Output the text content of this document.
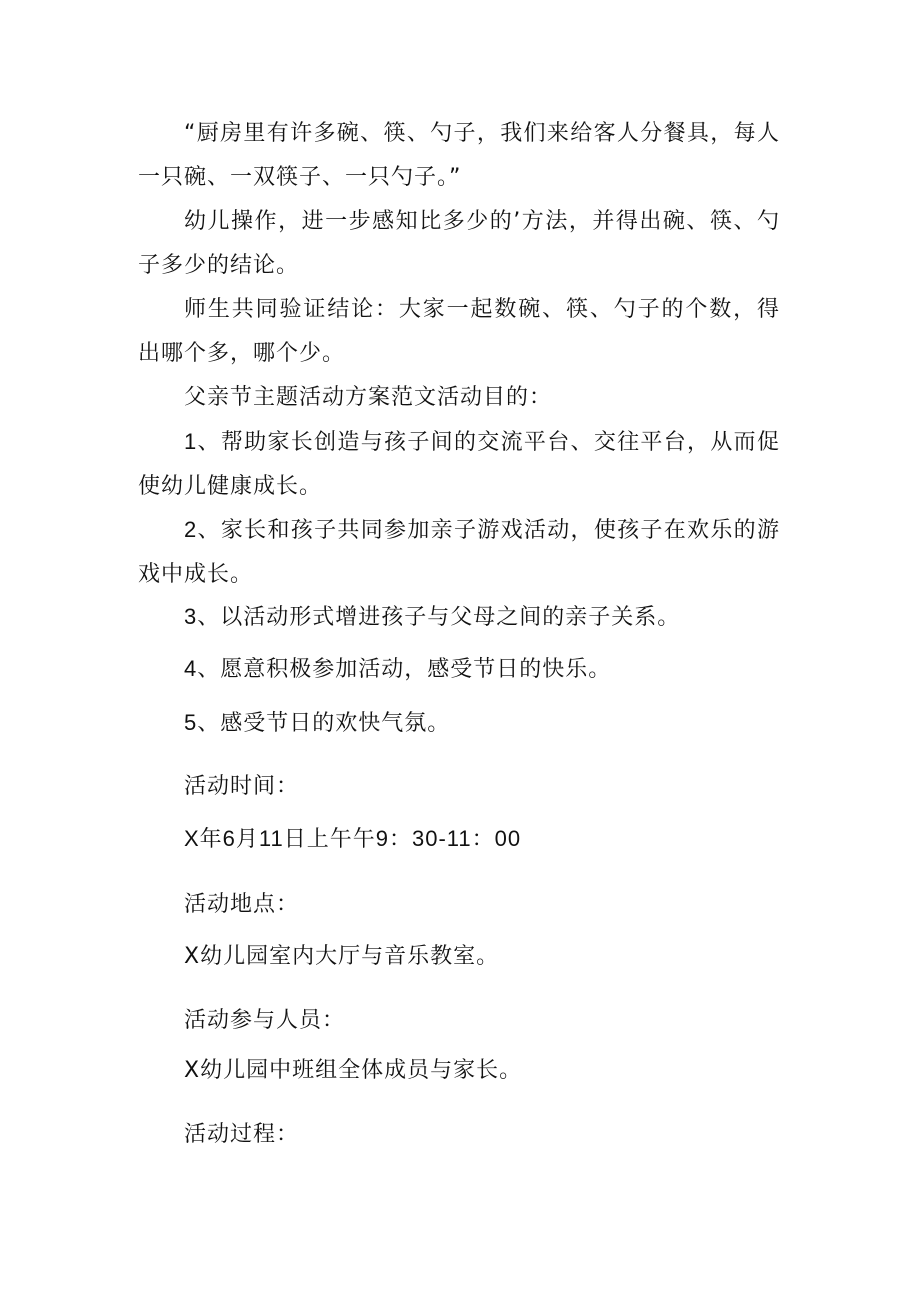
“厨房里有许多碗、筷、勺子，我们来给客人分餐具，每人一只碗、一双筷子、一只勺子。”

幼儿操作，进一步感知比多少的’方法，并得出碗、筷、勺子多少的结论。

师生共同验证结论：大家一起数碗、筷、勺子的个数，得出哪个多，哪个少。

父亲节主题活动方案范文活动目的：

1、帮助家长创造与孩子间的交流平台、交往平台，从而促使幼儿健康成长。

2、家长和孩子共同参加亲子游戏活动，使孩子在欢乐的游戏中成长。

3、以活动形式增进孩子与父母之间的亲子关系。

4、愿意积极参加活动，感受节日的快乐。

5、感受节日的欢快气氛。

活动时间：

X年6月11日上午午9：30-11：00

活动地点：

X幼儿园室内大厅与音乐教室。

活动参与人员：

X幼儿园中班组全体成员与家长。

活动过程：
